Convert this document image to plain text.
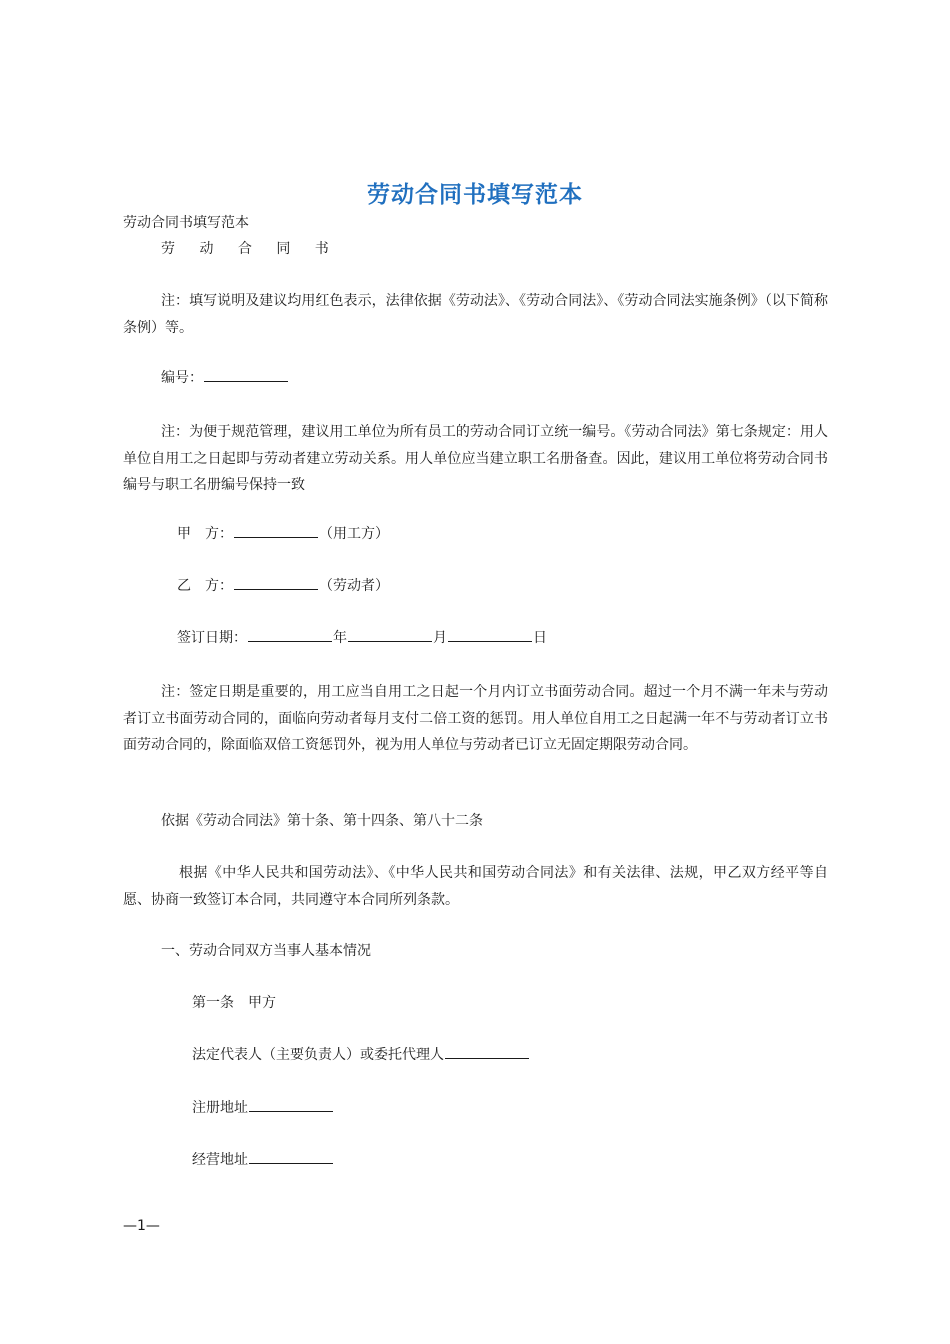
劳动合同书填写范本
劳动合同书填写范本
劳 动 合 同 书
注：填写说明及建议均用红色表示，法律依据《劳动法》、《劳动合同法》、《劳动合同法实施条例》（以下简称条例）等。
编号：
注：为便于规范管理，建议用工单位为所有员工的劳动合同订立统一编号。《劳动合同法》第七条规定：用人单位自用工之日起即与劳动者建立劳动关系。用人单位应当建立职工名册备查。因此，建议用工单位将劳动合同书编号与职工名册编号保持一致
甲　方：	（用工方）
乙　方：	（劳动者）
签订日期：	年	月	日
注：签定日期是重要的，用工应当自用工之日起一个月内订立书面劳动合同。超过一个月不满一年未与劳动者订立书面劳动合同的，面临向劳动者每月支付二倍工资的惩罚。用人单位自用工之日起满一年不与劳动者订立书面劳动合同的，除面临双倍工资惩罚外，视为用人单位与劳动者已订立无固定期限劳动合同。
依据《劳动合同法》第十条、第十四条、第八十二条
根据《中华人民共和国劳动法》、《中华人民共和国劳动合同法》和有关法律、法规，甲乙双方经平等自愿、协商一致签订本合同，共同遵守本合同所列条款。
一、劳动合同双方当事人基本情况
第一条　甲方
法定代表人（主要负责人）或委托代理人
注册地址
经营地址
—1—
